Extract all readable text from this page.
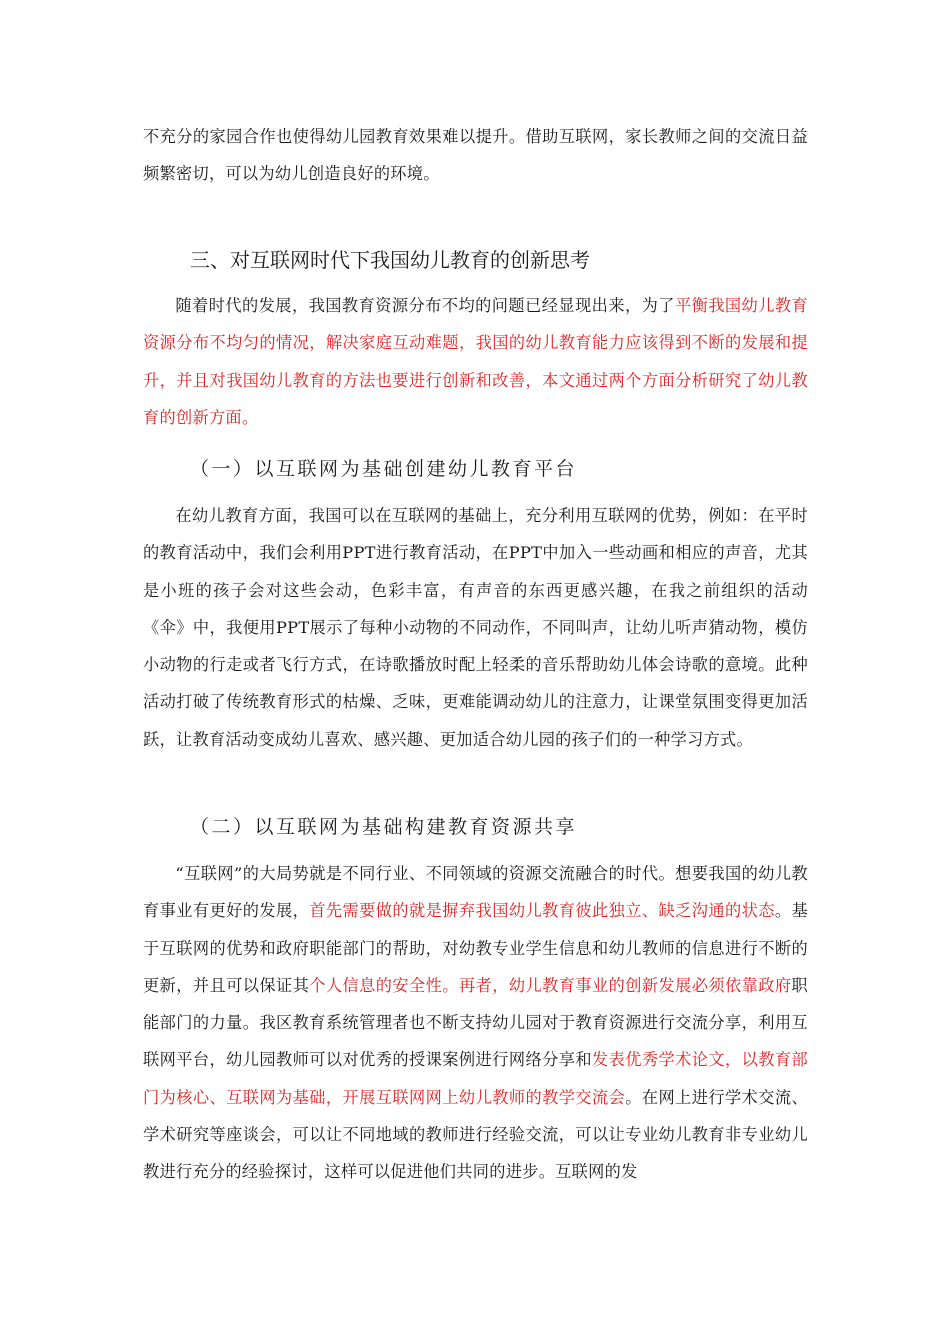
不充分的家园合作也使得幼儿园教育效果难以提升。借助互联网，家长教师之间的交流日益频繁密切，可以为幼儿创造良好的环境。

三、对互联网时代下我国幼儿教育的创新思考

随着时代的发展，我国教育资源分布不均的问题已经显现出来，为了平衡我国幼儿教育资源分布不均匀的情况，解决家庭互动难题，我国的幼儿教育能力应该得到不断的发展和提升，并且对我国幼儿教育的方法也要进行创新和改善，本文通过两个方面分析研究了幼儿教育的创新方面。

（一）以互联网为基础创建幼儿教育平台

在幼儿教育方面，我国可以在互联网的基础上，充分利用互联网的优势，例如：在平时的教育活动中，我们会利用PPT进行教育活动，在PPT中加入一些动画和相应的声音，尤其是小班的孩子会对这些会动，色彩丰富，有声音的东西更感兴趣，在我之前组织的活动《伞》中，我便用PPT展示了每种小动物的不同动作，不同叫声，让幼儿听声猜动物，模仿小动物的行走或者飞行方式，在诗歌播放时配上轻柔的音乐帮助幼儿体会诗歌的意境。此种活动打破了传统教育形式的枯燥、乏味，更难能调动幼儿的注意力，让课堂氛围变得更加活跃，让教育活动变成幼儿喜欢、感兴趣、更加适合幼儿园的孩子们的一种学习方式。

（二）以互联网为基础构建教育资源共享

“互联网”的大局势就是不同行业、不同领域的资源交流融合的时代。想要我国的幼儿教育事业有更好的发展，首先需要做的就是摒弃我国幼儿教育彼此独立、缺乏沟通的状态。基于互联网的优势和政府职能部门的帮助，对幼教专业学生信息和幼儿教师的信息进行不断的更新，并且可以保证其个人信息的安全性。再者，幼儿教育事业的创新发展必须依靠政府职能部门的力量。我区教育系统管理者也不断支持幼儿园对于教育资源进行交流分享，利用互联网平台，幼儿园教师可以对优秀的授课案例进行网络分享和发表优秀学术论文，以教育部门为核心、互联网为基础，开展互联网网上幼儿教师的教学交流会。在网上进行学术交流、学术研究等座谈会，可以让不同地域的教师进行经验交流，可以让专业幼儿教育非专业幼儿教进行充分的经验探讨，这样可以促进他们共同的进步。互联网的发
